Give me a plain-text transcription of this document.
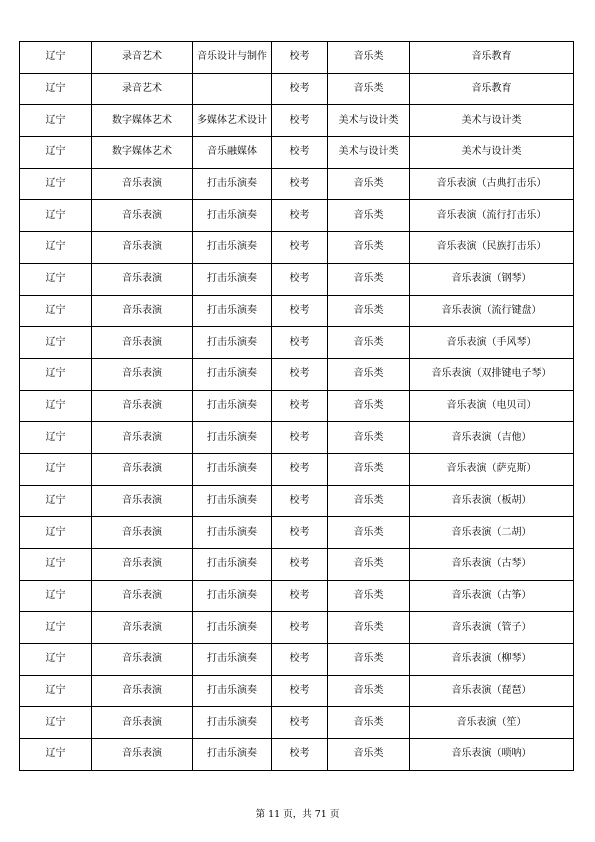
辽宁	录音艺术	音乐设计与制作	校考	音乐类	音乐教育
辽宁	录音艺术		校考	音乐类	音乐教育
辽宁	数字媒体艺术	多媒体艺术设计	校考	美术与设计类	美术与设计类
辽宁	数字媒体艺术	音乐融媒体	校考	美术与设计类	美术与设计类
辽宁	音乐表演	打击乐演奏	校考	音乐类	音乐表演（古典打击乐）
辽宁	音乐表演	打击乐演奏	校考	音乐类	音乐表演（流行打击乐）
辽宁	音乐表演	打击乐演奏	校考	音乐类	音乐表演（民族打击乐）
辽宁	音乐表演	打击乐演奏	校考	音乐类	音乐表演（钢琴）
辽宁	音乐表演	打击乐演奏	校考	音乐类	音乐表演（流行键盘）
辽宁	音乐表演	打击乐演奏	校考	音乐类	音乐表演（手风琴）
辽宁	音乐表演	打击乐演奏	校考	音乐类	音乐表演（双排键电子琴）
辽宁	音乐表演	打击乐演奏	校考	音乐类	音乐表演（电贝司）
辽宁	音乐表演	打击乐演奏	校考	音乐类	音乐表演（吉他）
辽宁	音乐表演	打击乐演奏	校考	音乐类	音乐表演（萨克斯）
辽宁	音乐表演	打击乐演奏	校考	音乐类	音乐表演（板胡）
辽宁	音乐表演	打击乐演奏	校考	音乐类	音乐表演（二胡）
辽宁	音乐表演	打击乐演奏	校考	音乐类	音乐表演（古琴）
辽宁	音乐表演	打击乐演奏	校考	音乐类	音乐表演（古筝）
辽宁	音乐表演	打击乐演奏	校考	音乐类	音乐表演（管子）
辽宁	音乐表演	打击乐演奏	校考	音乐类	音乐表演（柳琴）
辽宁	音乐表演	打击乐演奏	校考	音乐类	音乐表演（琵琶）
辽宁	音乐表演	打击乐演奏	校考	音乐类	音乐表演（笙）
辽宁	音乐表演	打击乐演奏	校考	音乐类	音乐表演（唢呐）
第 11 页，共 71 页
